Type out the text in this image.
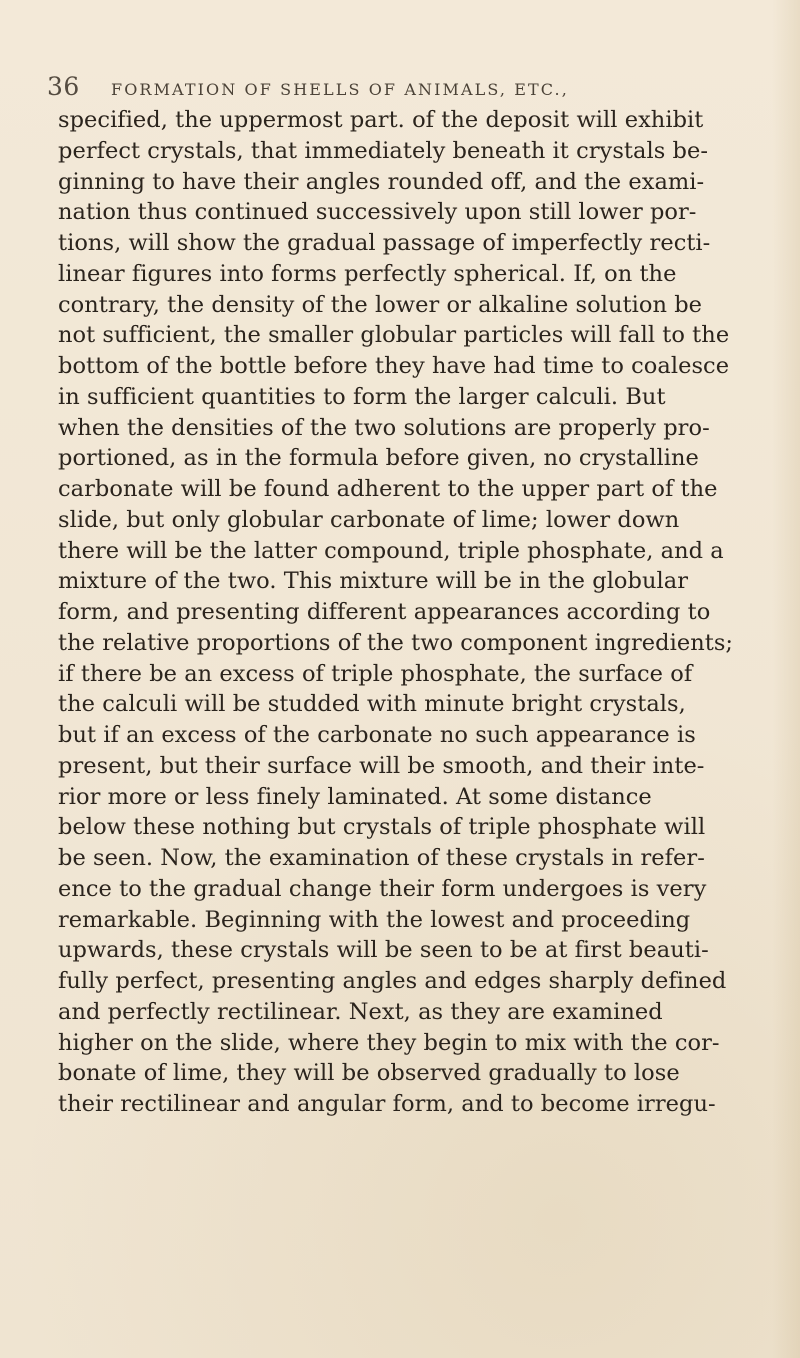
36 FORMATION OF SHELLS OF ANIMALS, ETC.,
specified, the uppermost part. of the deposit will exhibit
perfect crystals, that immediately beneath it crystals be-
ginning to have their angles rounded off, and the exami-
nation thus continued successively upon still lower por-
tions, will show the gradual passage of imperfectly recti-
linear figures into forms perfectly spherical. If, on the
contrary, the density of the lower or alkaline solution be
not sufficient, the smaller globular particles will fall to the
bottom of the bottle before they have had time to coalesce
in sufficient quantities to form the larger calculi. But
when the densities of the two solutions are properly pro-
portioned, as in the formula before given, no crystalline
carbonate will be found adherent to the upper part of the
slide, but only globular carbonate of lime; lower down
there will be the latter compound, triple phosphate, and a
mixture of the two. This mixture will be in the globular
form, and presenting different appearances according to
the relative proportions of the two component ingredients;
if there be an excess of triple phosphate, the surface of
the calculi will be studded with minute bright crystals,
but if an excess of the carbonate no such appearance is
present, but their surface will be smooth, and their inte-
rior more or less finely laminated. At some distance
below these nothing but crystals of triple phosphate will
be seen. Now, the examination of these crystals in refer-
ence to the gradual change their form undergoes is very
remarkable. Beginning with the lowest and proceeding
upwards, these crystals will be seen to be at first beauti-
fully perfect, presenting angles and edges sharply defined
and perfectly rectilinear. Next, as they are examined
higher on the slide, where they begin to mix with the cor-
bonate of lime, they will be observed gradually to lose
their rectilinear and angular form, and to become irregu-
